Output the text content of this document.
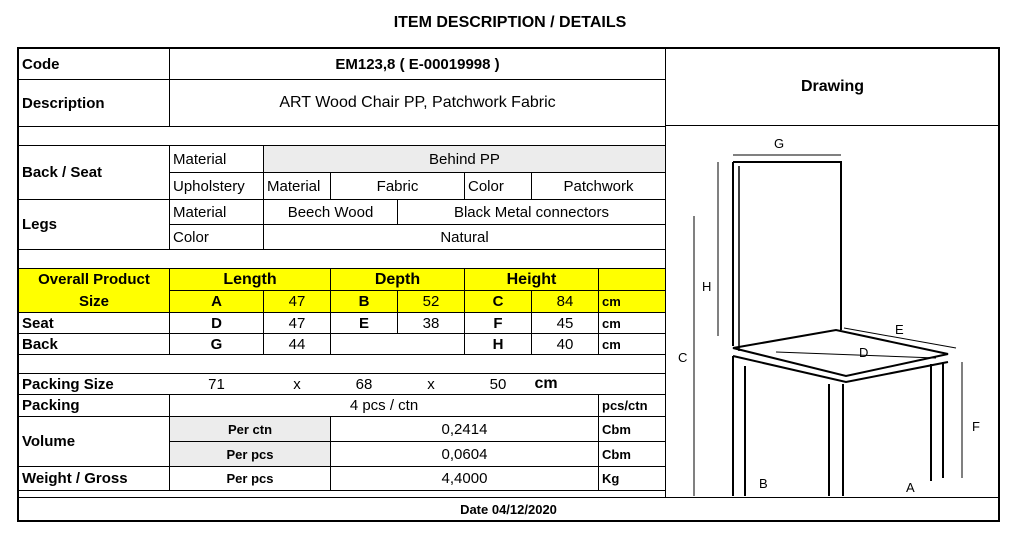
ITEM DESCRIPTION / DETAILS
Code	EM123,8 ( E-00019998 )						
Description	ART Wood Chair PP, Patchwork Fabric						

Back / Seat	Material	Behind PP					
	Upholstery	Material	Fabric		Color	Patchwork	
Legs	Material	Beech Wood		Black Metal connectors			
	Color	Natural					

Overall Product	Length		Depth		Height		
Size	A	47	B	52	C	84	cm
Seat	D	47	E	38	F	45	cm
Back	G	44			H	40	cm

Packing Size	71	x	68	x	50	cm	
Packing	4 pcs / ctn						pcs/ctn
Volume	Per ctn		0,2414				Cbm
	Per pcs		0,0604				Cbm
Weight / Gross	Per pcs		4,4000				Kg
Date 04/12/2020
Drawing
G
H
C
E
D
F
B	A
